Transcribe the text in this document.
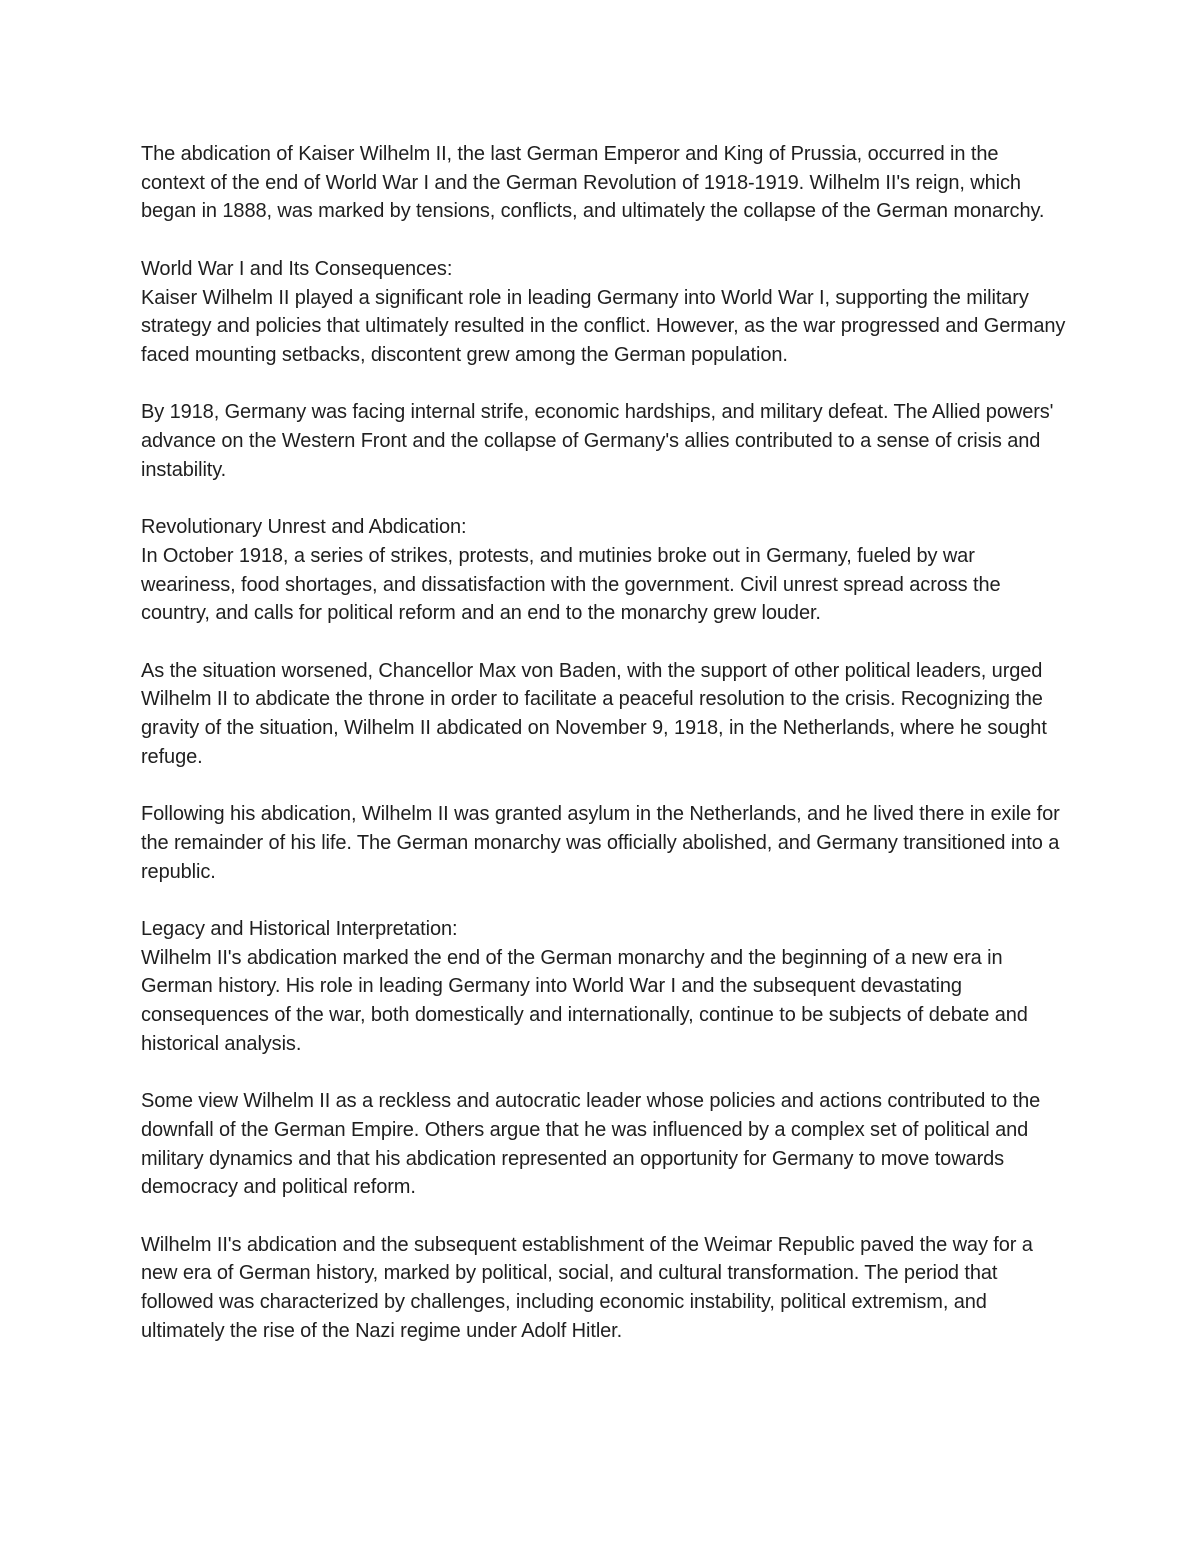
The abdication of Kaiser Wilhelm II, the last German Emperor and King of Prussia, occurred in the context of the end of World War I and the German Revolution of 1918-1919. Wilhelm II's reign, which began in 1888, was marked by tensions, conflicts, and ultimately the collapse of the German monarchy.

World War I and Its Consequences:
Kaiser Wilhelm II played a significant role in leading Germany into World War I, supporting the military strategy and policies that ultimately resulted in the conflict. However, as the war progressed and Germany faced mounting setbacks, discontent grew among the German population.

By 1918, Germany was facing internal strife, economic hardships, and military defeat. The Allied powers' advance on the Western Front and the collapse of Germany's allies contributed to a sense of crisis and instability.

Revolutionary Unrest and Abdication:
In October 1918, a series of strikes, protests, and mutinies broke out in Germany, fueled by war weariness, food shortages, and dissatisfaction with the government. Civil unrest spread across the country, and calls for political reform and an end to the monarchy grew louder.

As the situation worsened, Chancellor Max von Baden, with the support of other political leaders, urged Wilhelm II to abdicate the throne in order to facilitate a peaceful resolution to the crisis. Recognizing the gravity of the situation, Wilhelm II abdicated on November 9, 1918, in the Netherlands, where he sought refuge.

Following his abdication, Wilhelm II was granted asylum in the Netherlands, and he lived there in exile for the remainder of his life. The German monarchy was officially abolished, and Germany transitioned into a republic.

Legacy and Historical Interpretation:
Wilhelm II's abdication marked the end of the German monarchy and the beginning of a new era in German history. His role in leading Germany into World War I and the subsequent devastating consequences of the war, both domestically and internationally, continue to be subjects of debate and historical analysis.

Some view Wilhelm II as a reckless and autocratic leader whose policies and actions contributed to the downfall of the German Empire. Others argue that he was influenced by a complex set of political and military dynamics and that his abdication represented an opportunity for Germany to move towards democracy and political reform.

Wilhelm II's abdication and the subsequent establishment of the Weimar Republic paved the way for a new era of German history, marked by political, social, and cultural transformation. The period that followed was characterized by challenges, including economic instability, political extremism, and ultimately the rise of the Nazi regime under Adolf Hitler.
